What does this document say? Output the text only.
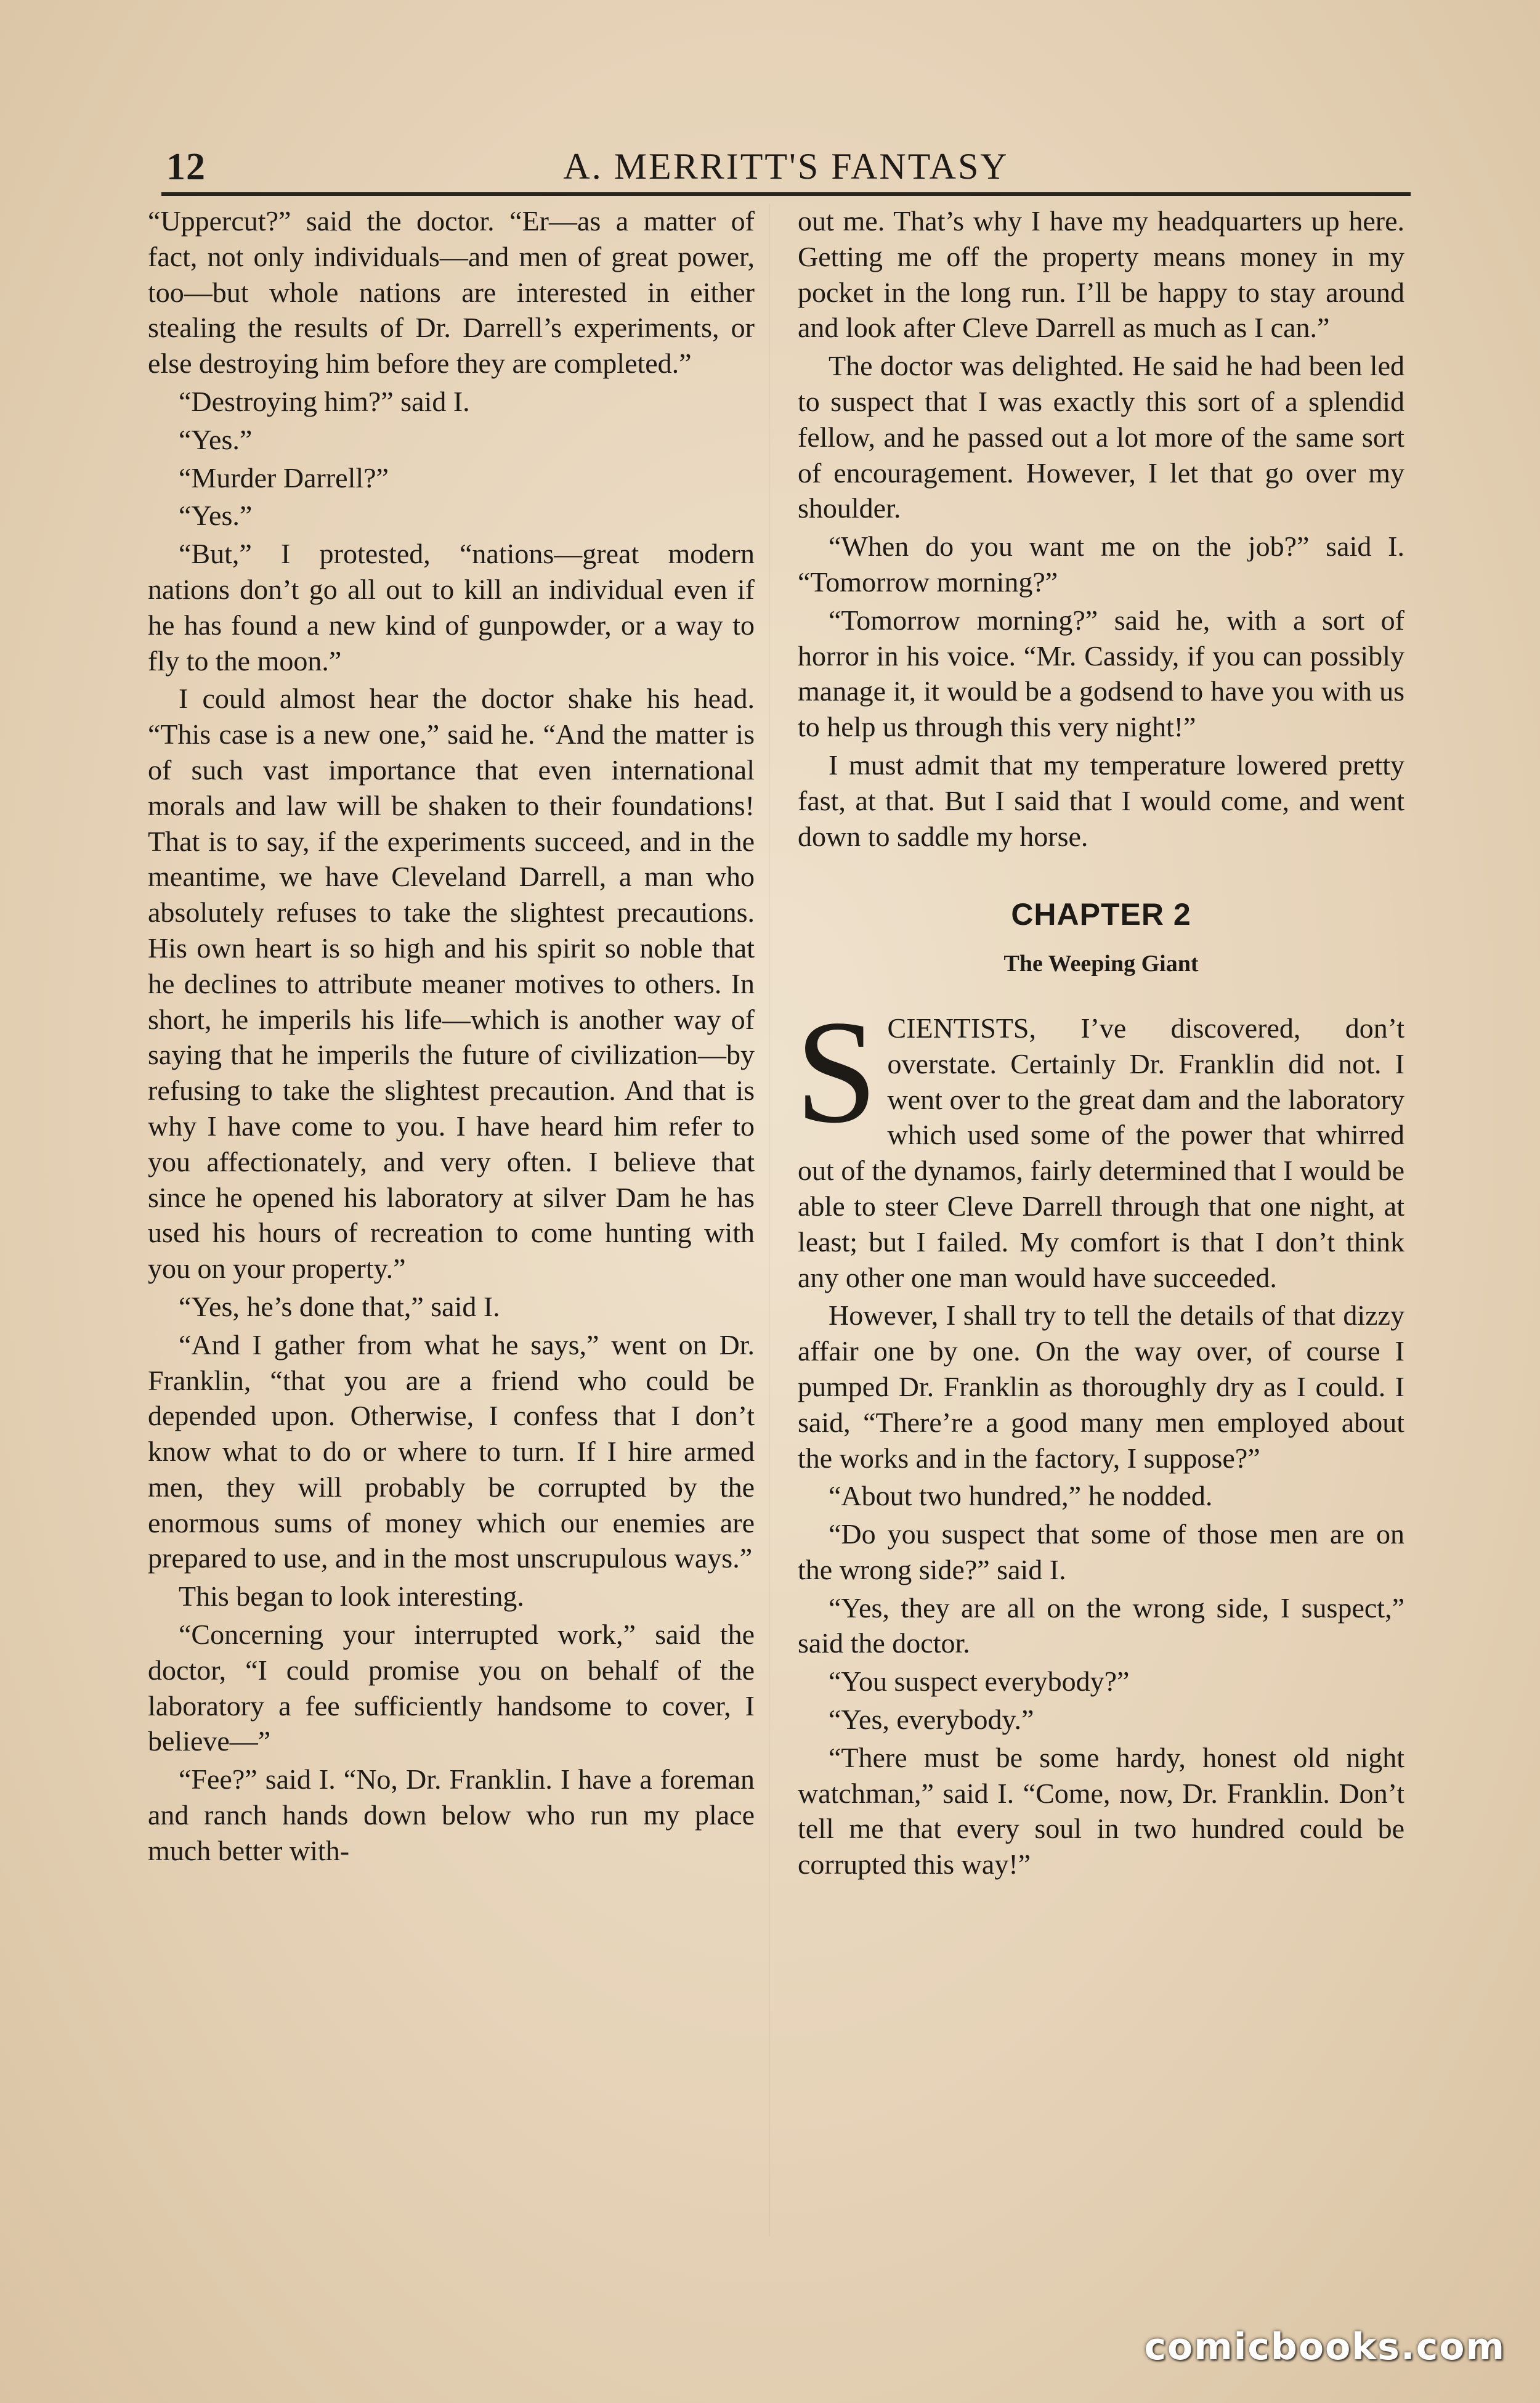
12	A. MERRITT'S FANTASY

“Uppercut?” said the doctor. “Er—as a matter of fact, not only individuals—and men of great power, too—but whole nations are interested in either stealing the results of Dr. Darrell’s experiments, or else destroying him before they are completed.”

“Destroying him?” said I.

“Yes.”

“Murder Darrell?”

“Yes.”

“But,” I protested, “nations—great modern nations don’t go all out to kill an individual even if he has found a new kind of gunpowder, or a way to fly to the moon.”

I could almost hear the doctor shake his head. “This case is a new one,” said he. “And the matter is of such vast importance that even international morals and law will be shaken to their foundations! That is to say, if the experiments succeed, and in the meantime, we have Cleveland Darrell, a man who absolutely refuses to take the slightest precautions. His own heart is so high and his spirit so noble that he declines to attribute meaner motives to others. In short, he imperils his life—which is another way of saying that he imperils the future of civilization—by refusing to take the slightest precaution. And that is why I have come to you. I have heard him refer to you affectionately, and very often. I believe that since he opened his laboratory at silver Dam he has used his hours of recreation to come hunting with you on your property.”

“Yes, he’s done that,” said I.

“And I gather from what he says,” went on Dr. Franklin, “that you are a friend who could be depended upon. Otherwise, I confess that I don’t know what to do or where to turn. If I hire armed men, they will probably be corrupted by the enormous sums of money which our enemies are prepared to use, and in the most unscrupulous ways.”

This began to look interesting.

“Concerning your interrupted work,” said the doctor, “I could promise you on behalf of the laboratory a fee sufficiently handsome to cover, I believe—”

“Fee?” said I. “No, Dr. Franklin. I have a foreman and ranch hands down below who run my place much better with-

out me. That’s why I have my headquarters up here. Getting me off the property means money in my pocket in the long run. I’ll be happy to stay around and look after Cleve Darrell as much as I can.”

The doctor was delighted. He said he had been led to suspect that I was exactly this sort of a splendid fellow, and he passed out a lot more of the same sort of encouragement. However, I let that go over my shoulder.

“When do you want me on the job?” said I. “Tomorrow morning?”

“Tomorrow morning?” said he, with a sort of horror in his voice. “Mr. Cassidy, if you can possibly manage it, it would be a godsend to have you with us to help us through this very night!”

I must admit that my temperature lowered pretty fast, at that. But I said that I would come, and went down to saddle my horse.

CHAPTER 2
The Weeping Giant

SCIENTISTS, I’ve discovered, don’t overstate. Certainly Dr. Franklin did not. I went over to the great dam and the laboratory which used some of the power that whirred out of the dynamos, fairly determined that I would be able to steer Cleve Darrell through that one night, at least; but I failed. My comfort is that I don’t think any other one man would have succeeded.

However, I shall try to tell the details of that dizzy affair one by one. On the way over, of course I pumped Dr. Franklin as thoroughly dry as I could. I said, “There’re a good many men employed about the works and in the factory, I suppose?”

“About two hundred,” he nodded.

“Do you suspect that some of those men are on the wrong side?” said I.

“Yes, they are all on the wrong side, I suspect,” said the doctor.

“You suspect everybody?”

“Yes, everybody.”

“There must be some hardy, honest old night watchman,” said I. “Come, now, Dr. Franklin. Don’t tell me that every soul in two hundred could be corrupted this way!”

comicbooks.com
